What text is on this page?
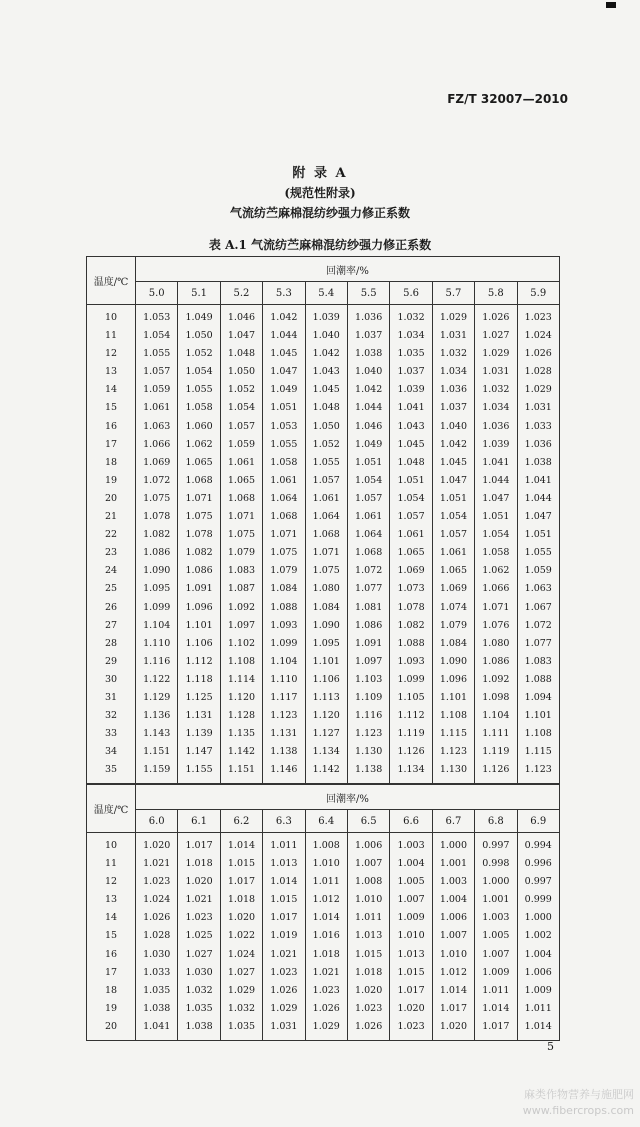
FZ/T 32007—2010
附 录 A
(规范性附录)
气流纺苎麻棉混纺纱强力修正系数
表 A.1 气流纺苎麻棉混纺纱强力修正系数
温度/℃	回潮率/%									
	5.0	5.1	5.2	5.3	5.4	5.5	5.6	5.7	5.8	5.9
10	1.053	1.049	1.046	1.042	1.039	1.036	1.032	1.029	1.026	1.023
11	1.054	1.050	1.047	1.044	1.040	1.037	1.034	1.031	1.027	1.024
12	1.055	1.052	1.048	1.045	1.042	1.038	1.035	1.032	1.029	1.026
13	1.057	1.054	1.050	1.047	1.043	1.040	1.037	1.034	1.031	1.028
14	1.059	1.055	1.052	1.049	1.045	1.042	1.039	1.036	1.032	1.029
15	1.061	1.058	1.054	1.051	1.048	1.044	1.041	1.037	1.034	1.031
16	1.063	1.060	1.057	1.053	1.050	1.046	1.043	1.040	1.036	1.033
17	1.066	1.062	1.059	1.055	1.052	1.049	1.045	1.042	1.039	1.036
18	1.069	1.065	1.061	1.058	1.055	1.051	1.048	1.045	1.041	1.038
19	1.072	1.068	1.065	1.061	1.057	1.054	1.051	1.047	1.044	1.041
20	1.075	1.071	1.068	1.064	1.061	1.057	1.054	1.051	1.047	1.044
21	1.078	1.075	1.071	1.068	1.064	1.061	1.057	1.054	1.051	1.047
22	1.082	1.078	1.075	1.071	1.068	1.064	1.061	1.057	1.054	1.051
23	1.086	1.082	1.079	1.075	1.071	1.068	1.065	1.061	1.058	1.055
24	1.090	1.086	1.083	1.079	1.075	1.072	1.069	1.065	1.062	1.059
25	1.095	1.091	1.087	1.084	1.080	1.077	1.073	1.069	1.066	1.063
26	1.099	1.096	1.092	1.088	1.084	1.081	1.078	1.074	1.071	1.067
27	1.104	1.101	1.097	1.093	1.090	1.086	1.082	1.079	1.076	1.072
28	1.110	1.106	1.102	1.099	1.095	1.091	1.088	1.084	1.080	1.077
29	1.116	1.112	1.108	1.104	1.101	1.097	1.093	1.090	1.086	1.083
30	1.122	1.118	1.114	1.110	1.106	1.103	1.099	1.096	1.092	1.088
31	1.129	1.125	1.120	1.117	1.113	1.109	1.105	1.101	1.098	1.094
32	1.136	1.131	1.128	1.123	1.120	1.116	1.112	1.108	1.104	1.101
33	1.143	1.139	1.135	1.131	1.127	1.123	1.119	1.115	1.111	1.108
34	1.151	1.147	1.142	1.138	1.134	1.130	1.126	1.123	1.119	1.115
35	1.159	1.155	1.151	1.146	1.142	1.138	1.134	1.130	1.126	1.123
温度/℃	回潮率/%									
	6.0	6.1	6.2	6.3	6.4	6.5	6.6	6.7	6.8	6.9
10	1.020	1.017	1.014	1.011	1.008	1.006	1.003	1.000	0.997	0.994
11	1.021	1.018	1.015	1.013	1.010	1.007	1.004	1.001	0.998	0.996
12	1.023	1.020	1.017	1.014	1.011	1.008	1.005	1.003	1.000	0.997
13	1.024	1.021	1.018	1.015	1.012	1.010	1.007	1.004	1.001	0.999
14	1.026	1.023	1.020	1.017	1.014	1.011	1.009	1.006	1.003	1.000
15	1.028	1.025	1.022	1.019	1.016	1.013	1.010	1.007	1.005	1.002
16	1.030	1.027	1.024	1.021	1.018	1.015	1.013	1.010	1.007	1.004
17	1.033	1.030	1.027	1.023	1.021	1.018	1.015	1.012	1.009	1.006
18	1.035	1.032	1.029	1.026	1.023	1.020	1.017	1.014	1.011	1.009
19	1.038	1.035	1.032	1.029	1.026	1.023	1.020	1.017	1.014	1.011
20	1.041	1.038	1.035	1.031	1.029	1.026	1.023	1.020	1.017	1.014
5
麻类作物营养与施肥网
www.fibercrops.com
